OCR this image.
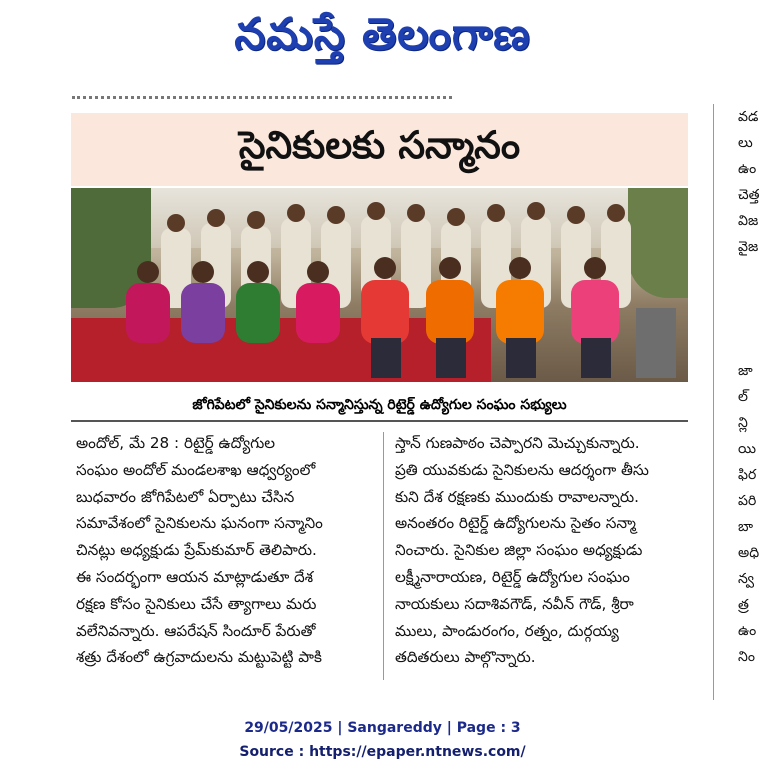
నమస్తే తెలంగాణ
సైనికులకు సన్మానం
జోగిపేటలో సైనికులను సన్మానిస్తున్న రిటైర్డ్ ఉద్యోగుల సంఘం సభ్యులు
అందోల్, మే 28 : రిటైర్డ్ ఉద్యోగుల
సంఘం అందోల్ మండలశాఖ ఆధ్వర్యంలో
బుధవారం జోగిపేటలో ఏర్పాటు చేసిన
సమావేశంలో సైనికులను ఘనంగా సన్మానిం
చినట్లు అధ్యక్షుడు ప్రేమ్‌కుమార్ తెలిపారు.
ఈ సందర్భంగా ఆయన మాట్లాడుతూ దేశ
రక్షణ కోసం సైనికులు చేసే త్యాగాలు మరు
వలేనివన్నారు. ఆపరేషన్ సిందూర్ పేరుతో
శత్రు దేశంలో ఉగ్రవాదులను మట్టుపెట్టి పాకి
స్తాన్ గుణపాఠం చెప్పారని మెచ్చుకున్నారు.
ప్రతి యువకుడు సైనికులను ఆదర్శంగా తీసు
కుని దేశ రక్షణకు ముందుకు రావాలన్నారు.
అనంతరం రిటైర్డ్ ఉద్యోగులను సైతం సన్మా
నించారు. సైనికుల జిల్లా సంఘం అధ్యక్షుడు
లక్ష్మీనారాయణ, రిటైర్డ్ ఉద్యోగుల సంఘం
నాయకులు సదాశివగౌడ్, నవీన్ గౌడ్, శ్రీరా
ములు, పాండురంగం, రత్నం, దుర్గయ్య
తదితరులు పాల్గొన్నారు.
వడ
లు
ఉం
చెత్త
విజ
వైజ
జా
ల్
న్లి
యి
ఫిర
పరి
బా
అధి
న్వ
త్ర
ఉం
నిం
29/05/2025 | Sangareddy | Page : 3
Source : https://epaper.ntnews.com/
